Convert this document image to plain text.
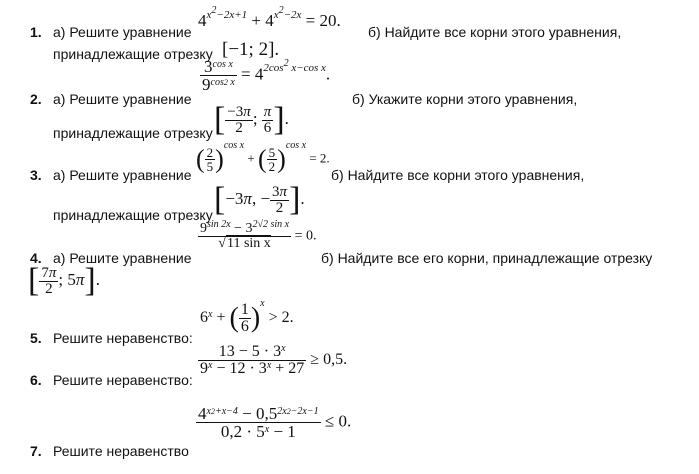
1. а) Решите уравнение
$4^{x2-2x+1} + 4^{x2-2x} = 20$.
б) Найдите все корни этого уравнения,
принадлежащие отрезку [−1; 2].
$\frac{3^{cos x}}{9^{cos2 x}} = 4^{2cos2 x-cos x}$.
2. а) Решите уравнение	б) Укажите корни этого уравнения,
принадлежащие отрезку [ $\frac{-3\pi}{2}$ ; $\frac{\pi}{6}$ ].
( $\frac{2}{5} )^{cos x}$ + ( $\frac{5}{2} )^{cos x} = 2$.
3. а) Решите уравнение	б) Найдите все корни этого уравнения,
принадлежащие отрезку [−3π, − $\frac{3\pi}{2}$ ].
$\frac{9^{sin 2x} - 3^{2√2 sin x}}{\text{√11 sin x}} = 0$.
4. а) Решите уравнение	б) Найдите все его корни, принадлежащие отрезку
[ $\frac{7\pi}{2}$ ; 5π].
$6^x$ + ( $\frac{1}{6} )^x > 2$.
5. Решите неравенство:
$\frac{13 - 5 \cdot 3^x}{9^x - 12 \cdot 3^x + 27} \ge 0,5$.
6. Решите неравенство:
$\frac{4^{x2+x-4} - 0,5^{2x2-2x-1}}{0,2 \cdot 5^x - 1} \le 0$.
7. Решите неравенство
